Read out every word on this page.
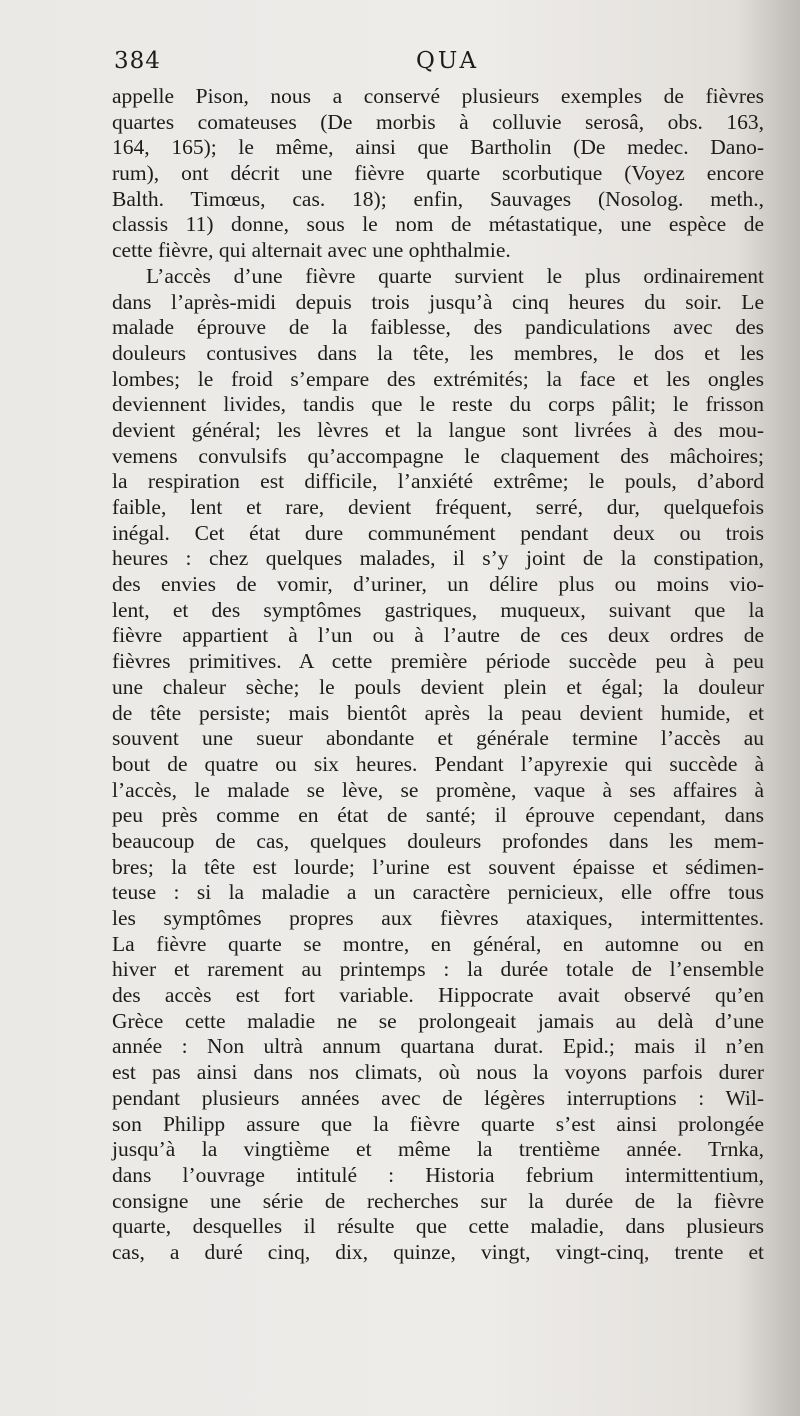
384	QUA
appelle Pison, nous a conservé plusieurs exemples de fièvres
quartes comateuses (De morbis à colluvie serosâ, obs. 163,
164, 165); le même, ainsi que Bartholin (De medec. Dano-
rum), ont décrit une fièvre quarte scorbutique (Voyez encore
Balth. Timœus, cas. 18); enfin, Sauvages (Nosolog. meth.,
classis 11) donne, sous le nom de métastatique, une espèce de
cette fièvre, qui alternait avec une ophthalmie.
L’accès d’une fièvre quarte survient le plus ordinairement
dans l’après-midi depuis trois jusqu’à cinq heures du soir. Le
malade éprouve de la faiblesse, des pandiculations avec des
douleurs contusives dans la tête, les membres, le dos et les
lombes; le froid s’empare des extrémités; la face et les ongles
deviennent livides, tandis que le reste du corps pâlit; le frisson
devient général; les lèvres et la langue sont livrées à des mou-
vemens convulsifs qu’accompagne le claquement des mâchoires;
la respiration est difficile, l’anxiété extrême; le pouls, d’abord
faible, lent et rare, devient fréquent, serré, dur, quelquefois
inégal. Cet état dure communément pendant deux ou trois
heures : chez quelques malades, il s’y joint de la constipation,
des envies de vomir, d’uriner, un délire plus ou moins vio-
lent, et des symptômes gastriques, muqueux, suivant que la
fièvre appartient à l’un ou à l’autre de ces deux ordres de
fièvres primitives. A cette première période succède peu à peu
une chaleur sèche; le pouls devient plein et égal; la douleur
de tête persiste; mais bientôt après la peau devient humide, et
souvent une sueur abondante et générale termine l’accès au
bout de quatre ou six heures. Pendant l’apyrexie qui succède à
l’accès, le malade se lève, se promène, vaque à ses affaires à
peu près comme en état de santé; il éprouve cependant, dans
beaucoup de cas, quelques douleurs profondes dans les mem-
bres; la tête est lourde; l’urine est souvent épaisse et sédimen-
teuse : si la maladie a un caractère pernicieux, elle offre tous
les symptômes propres aux fièvres ataxiques, intermittentes.
La fièvre quarte se montre, en général, en automne ou en
hiver et rarement au printemps : la durée totale de l’ensemble
des accès est fort variable. Hippocrate avait observé qu’en
Grèce cette maladie ne se prolongeait jamais au delà d’une
année : Non ultrà annum quartana durat. Epid.; mais il n’en
est pas ainsi dans nos climats, où nous la voyons parfois durer
pendant plusieurs années avec de légères interruptions : Wil-
son Philipp assure que la fièvre quarte s’est ainsi prolongée
jusqu’à la vingtième et même la trentième année. Trnka,
dans l’ouvrage intitulé : Historia febrium intermittentium,
consigne une série de recherches sur la durée de la fièvre
quarte, desquelles il résulte que cette maladie, dans plusieurs
cas, a duré cinq, dix, quinze, vingt, vingt-cinq, trente et
